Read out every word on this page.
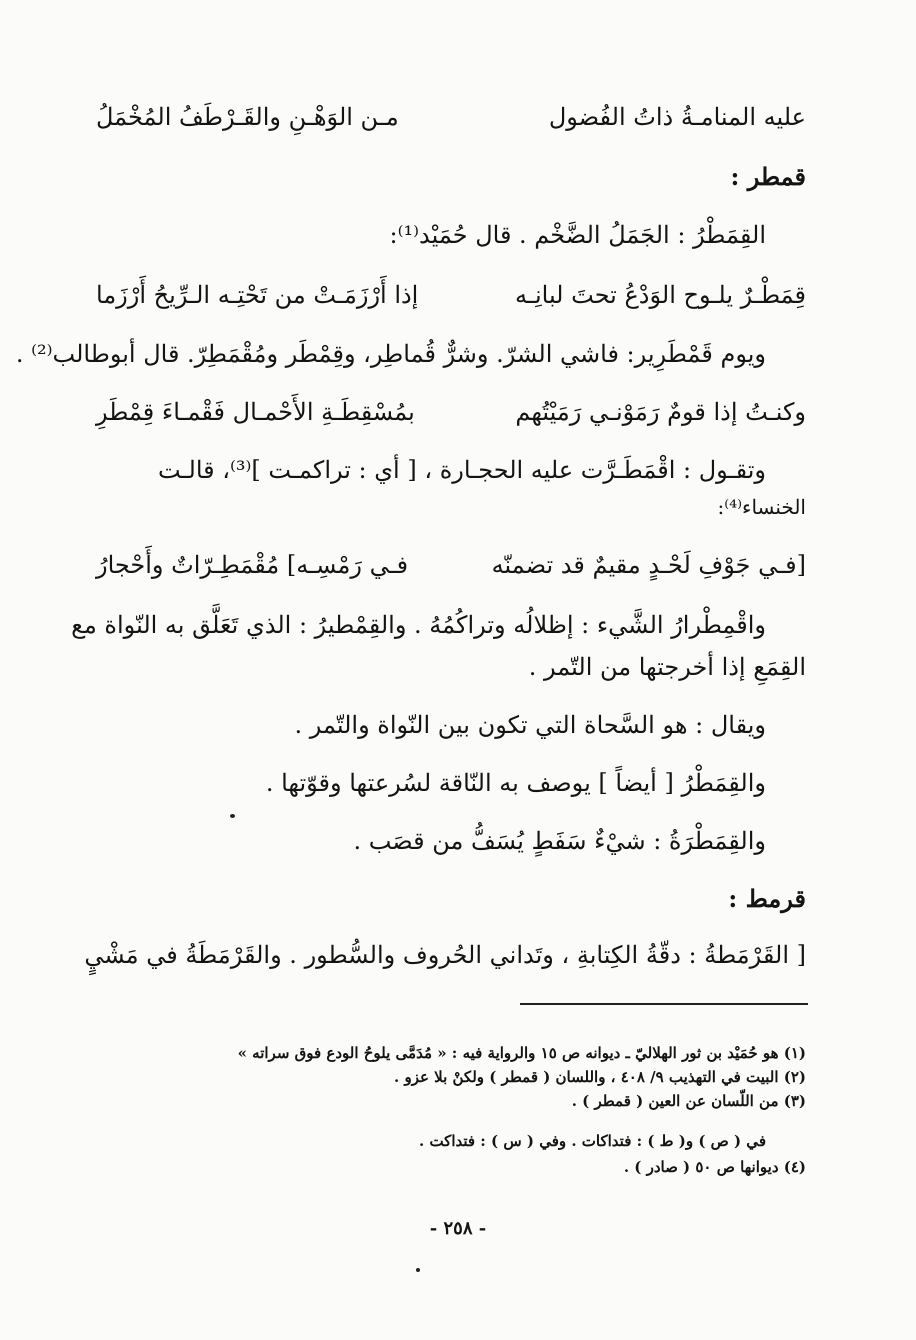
عليه المنامـةُ ذاتُ الفُضول
مـن الوَهْـنِ والقَـرْطَفُ المُخْمَلُ
قمطر :
القِمَطْرُ : الجَمَلُ الضَّخْم . قال حُمَيْد⁽¹⁾:
قِمَطْـرٌ يلـوح الوَدْعُ تحتَ لبانِـه
إذا أَرْزَمَـتْ من تَحْتِـه الـرِّيحُ أَرْزَما
ويوم قَمْطَرِير: فاشي الشرّ. وشرٌّ قُماطِر، وقِمْطَر ومُقْمَطِرّ. قال أبوطالب⁽²⁾ .
وكنـتُ إذا قومٌ رَمَوْنـي رَمَيْتُهم
بمُسْقِطَـةِ الأَحْمـال فَقْمـاءَ قِمْطَرِ
وتقـول : اقْمَطَـرَّت عليه الحجـارة ، [ أي : تراكمـت ]⁽³⁾، قالـت
الخنساء⁽⁴⁾:
[فـي جَوْفِ لَحْـدٍ مقيمٌ قد تضمنّه
فـي رَمْسِـه] مُقْمَطِـرّاتٌ وأَحْجارُ
واقْمِطْرارُ الشَّيء : إظلالُه وتراكُمُهُ . والقِمْطيرُ : الذي تَعَلَّق به النّواة مع
القِمَعِ إذا أخرجتها من التّمر .
ويقال : هو السَّحاة التي تكون بين النّواة والتّمر .
والقِمَطْرُ [ أيضاً ] يوصف به النّاقة لسُرعتها وقوّتها .
والقِمَطْرَةُ : شيْءٌ سَفَطٍ يُسَفُّ من قصَب .
قرمط :
[ القَرْمَطةُ : دقّةُ الكِتابةِ ، وتَداني الحُروف والسُّطور . والقَرْمَطَةُ في مَشْيٍ
(١) هو حُمَيْد بن ثور الهلاليّ ـ ديوانه ص ١٥ والرواية فيه : « مُدَمَّى يلوحُ الودع فوق سراته »
(٢) البيت في التهذيب ٩/ ٤٠٨ ، واللسان ( قمطر ) ولكنْ بلا عزو .
(٣) من اللّسان عن العين ( قمطر ) .
في ( ص ) و( ط ) : فتداكات . وفي ( س ) : فتداكت .
(٤) ديوانها ص ٥٠ ( صادر ) .
- ٢٥٨ -
